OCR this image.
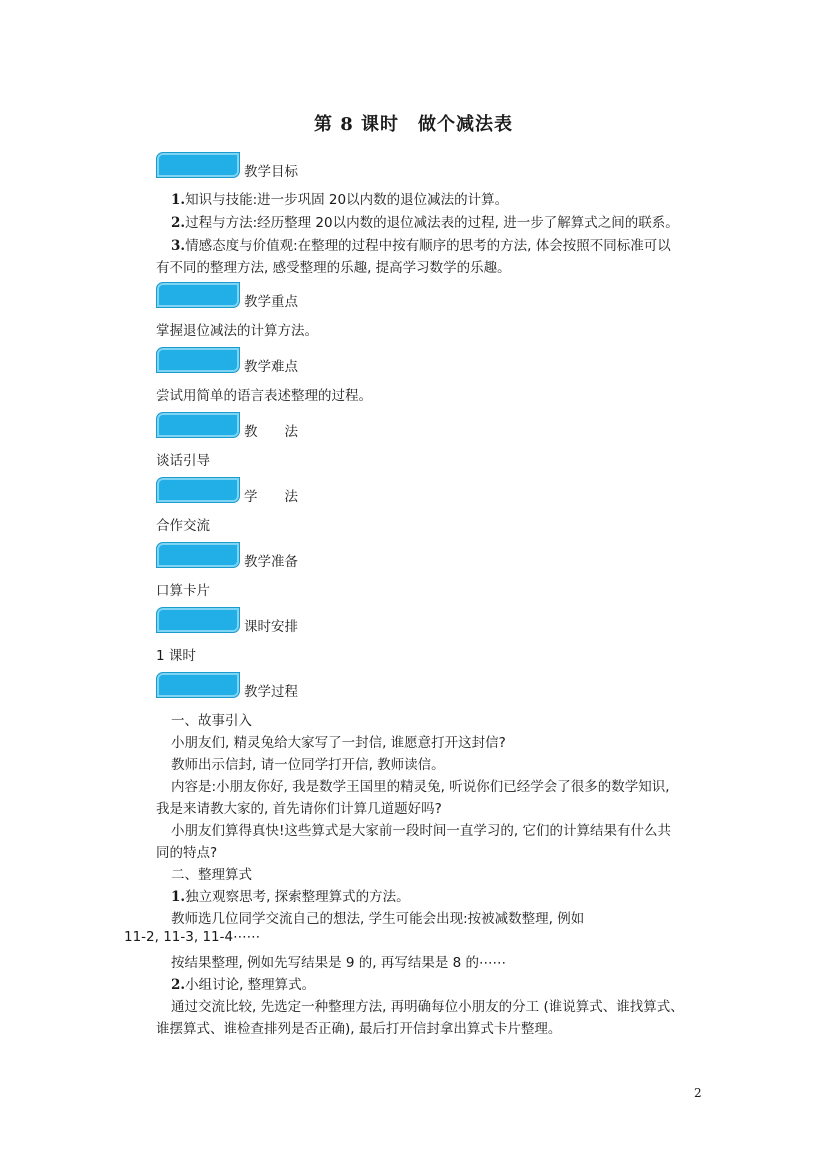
第 8 课时　做个减法表
教学目标
1.知识与技能:进一步巩固 20以内数的退位减法的计算。
2.过程与方法:经历整理 20以内数的退位减法表的过程, 进一步了解算式之间的联系。
3.情感态度与价值观:在整理的过程中按有顺序的思考的方法, 体会按照不同标准可以
有不同的整理方法, 感受整理的乐趣, 提高学习数学的乐趣。
教学重点
掌握退位减法的计算方法。
教学难点
尝试用简单的语言表述整理的过程。
教　　法
谈话引导
学　　法
合作交流
教学准备
口算卡片
课时安排
1 课时
教学过程
一、故事引入
小朋友们, 精灵兔给大家写了一封信, 谁愿意打开这封信?
教师出示信封, 请一位同学打开信, 教师读信。
内容是:小朋友你好, 我是数学王国里的精灵兔, 听说你们已经学会了很多的数学知识,
我是来请教大家的, 首先请你们计算几道题好吗?
小朋友们算得真快!这些算式是大家前一段时间一直学习的, 它们的计算结果有什么共
同的特点?
二、整理算式
1.独立观察思考, 探索整理算式的方法。
教师选几位同学交流自己的想法, 学生可能会出现:按被减数整理, 例如
11-2, 11-3, 11-4⋯⋯
按结果整理, 例如先写结果是 9 的, 再写结果是 8 的⋯⋯
2.小组讨论, 整理算式。
通过交流比较, 先选定一种整理方法, 再明确每位小朋友的分工 (谁说算式、谁找算式、
谁摆算式、谁检查排列是否正确), 最后打开信封拿出算式卡片整理。
2
